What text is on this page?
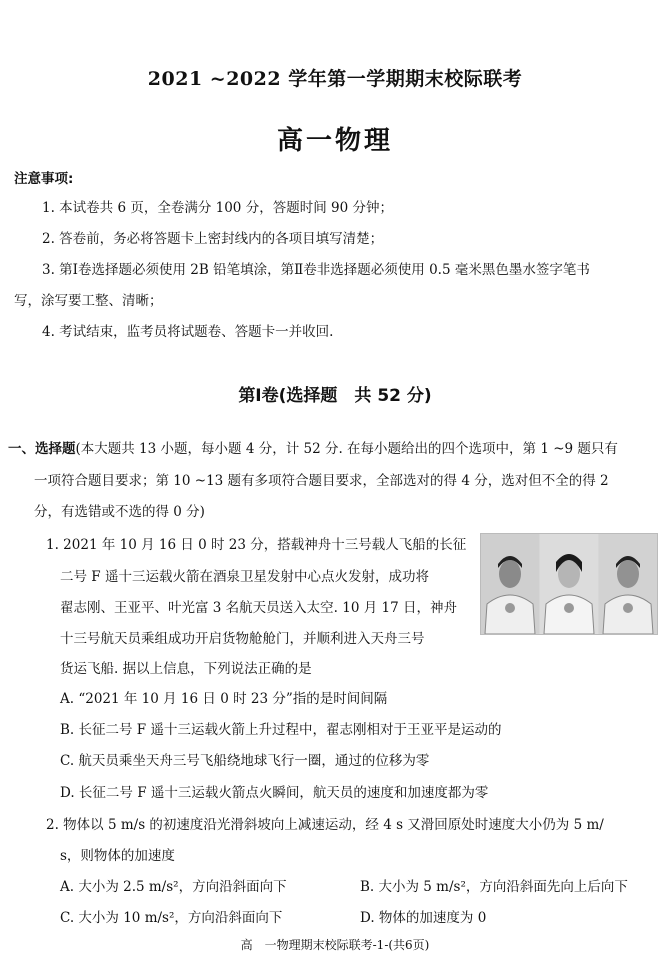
2021 ~2022 学年第一学期期末校际联考
高一物理
注意事项:
1. 本试卷共 6 页，全卷满分 100 分，答题时间 90 分钟；
2. 答卷前，务必将答题卡上密封线内的各项目填写清楚；
3. 第Ⅰ卷选择题必须使用 2B 铅笔填涂，第Ⅱ卷非选择题必须使用 0.5 毫米黑色墨水签字笔书
写，涂写要工整、清晰；
4. 考试结束，监考员将试题卷、答题卡一并收回.
第Ⅰ卷(选择题　共 52 分)
一、选择题(本大题共 13 小题，每小题 4 分，计 52 分. 在每小题给出的四个选项中，第 1 ~9 题只有
一项符合题目要求；第 10 ~13 题有多项符合题目要求，全部选对的得 4 分，选对但不全的得 2
分，有选错或不选的得 0 分)
1. 2021 年 10 月 16 日 0 时 23 分，搭载神舟十三号载人飞船的长征
二号 F 遥十三运载火箭在酒泉卫星发射中心点火发射，成功将
翟志刚、王亚平、叶光富 3 名航天员送入太空. 10 月 17 日，神舟
十三号航天员乘组成功开启货物舱舱门，并顺利进入天舟三号
货运飞船. 据以上信息，下列说法正确的是
A. “2021 年 10 月 16 日 0 时 23 分”指的是时间间隔
B. 长征二号 F 遥十三运载火箭上升过程中，翟志刚相对于王亚平是运动的
C. 航天员乘坐天舟三号飞船绕地球飞行一圈，通过的位移为零
D. 长征二号 F 遥十三运载火箭点火瞬间，航天员的速度和加速度都为零
2. 物体以 5 m/s 的初速度沿光滑斜坡向上减速运动，经 4 s 又滑回原处时速度大小仍为 5 m/
s，则物体的加速度
A. 大小为 2.5 m/s²，方向沿斜面向下	B. 大小为 5 m/s²，方向沿斜面先向上后向下
C. 大小为 10 m/s²，方向沿斜面向下	D. 物体的加速度为 0
高　一物理期末校际联考-1-(共6页)
